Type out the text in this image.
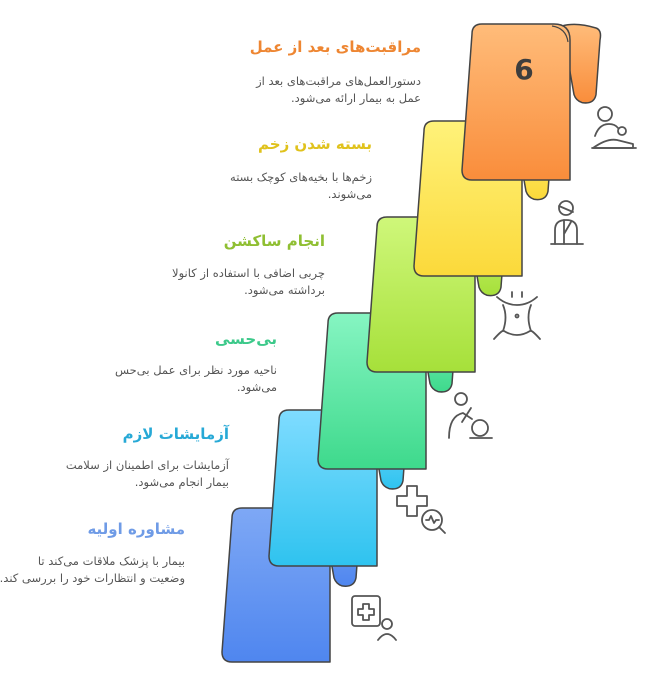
6
مشاوره اولیه
بیمار با پزشک ملاقات می‌کند تا وضعیت و انتظارات خود را بررسی کند.
آزمایشات لازم
آزمایشات برای اطمینان از سلامت بیمار انجام می‌شود.
بی‌حسی
ناحیه مورد نظر برای عمل بی‌حس می‌شود.
انجام ساکشن
چربی اضافی با استفاده از کانولا برداشته می‌شود.
بسته شدن زخم
زخم‌ها با بخیه‌های کوچک بسته می‌شوند.
مراقبت‌های بعد از عمل
دستورالعمل‌های مراقبت‌های بعد از عمل به بیمار ارائه می‌شود.
